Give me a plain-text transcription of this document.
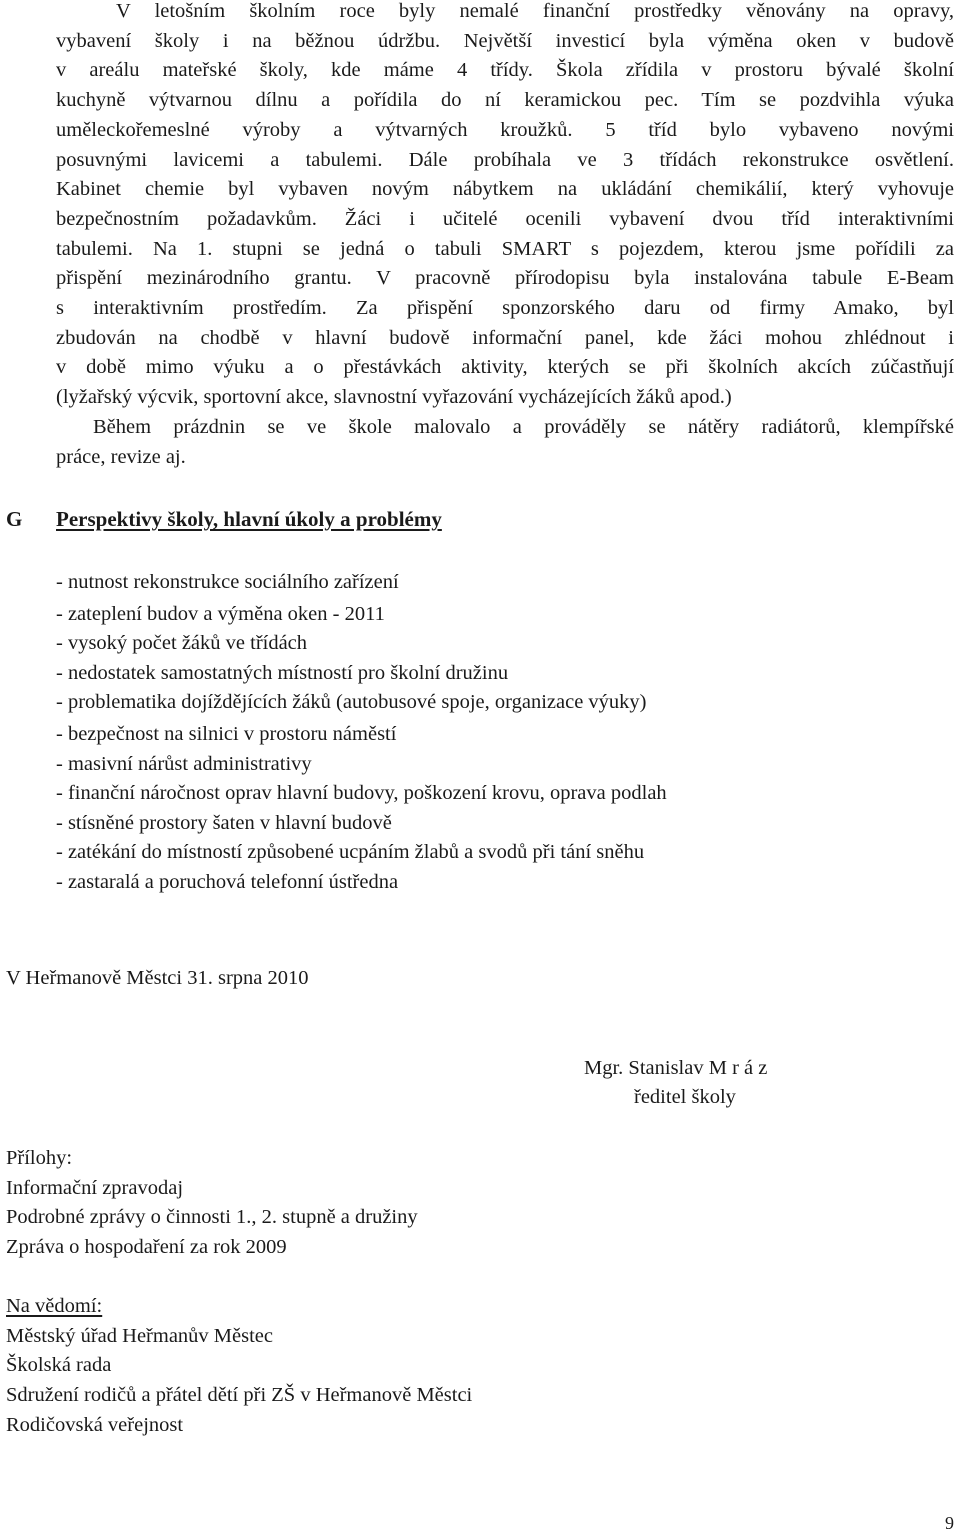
V letošním školním roce byly nemalé finanční prostředky věnovány na opravy,
vybavení školy i na běžnou údržbu. Největší investicí byla výměna oken v budově
v areálu mateřské školy, kde máme 4 třídy. Škola zřídila v prostoru bývalé školní
kuchyně výtvarnou dílnu a pořídila do ní keramickou pec. Tím se pozdvihla výuka
uměleckořemeslné výroby a výtvarných kroužků. 5 tříd bylo vybaveno novými
posuvnými lavicemi a tabulemi. Dále probíhala ve 3 třídách rekonstrukce osvětlení.
Kabinet chemie byl vybaven novým nábytkem na ukládání chemikálií, který vyhovuje
bezpečnostním požadavkům. Žáci i učitelé ocenili vybavení dvou tříd interaktivními
tabulemi. Na 1. stupni se jedná o tabuli SMART s pojezdem, kterou jsme pořídili za
přispění mezinárodního grantu. V pracovně přírodopisu byla instalována tabule E-Beam
s interaktivním prostředím. Za přispění sponzorského daru od firmy Amako, byl
zbudován na chodbě v hlavní budově informační panel, kde žáci mohou zhlédnout i
v době mimo výuku a o přestávkách aktivity, kterých se při školních akcích zúčastňují
(lyžařský výcvik, sportovní akce, slavnostní vyřazování vycházejících žáků apod.)
Během prázdnin se ve škole malovalo a prováděly se nátěry radiátorů, klempířské
práce, revize aj.
G Perspektivy školy, hlavní úkoly a problémy
- nutnost rekonstrukce sociálního zařízení
- zateplení budov a výměna oken - 2011
- vysoký počet žáků ve třídách
- nedostatek samostatných místností pro školní družinu
- problematika dojíždějících žáků (autobusové spoje, organizace výuky)
- bezpečnost na silnici v prostoru náměstí
- masivní nárůst administrativy
- finanční náročnost oprav hlavní budovy, poškození krovu, oprava podlah
- stísněné prostory šaten v hlavní budově
- zatékání do místností způsobené ucpáním žlabů a svodů při tání sněhu
- zastaralá a poruchová telefonní ústředna
V Heřmanově Městci 31. srpna 2010
Mgr. Stanislav M r á z
ředitel školy
Přílohy:
Informační zpravodaj
Podrobné zprávy o činnosti 1., 2. stupně a družiny
Zpráva o hospodaření za rok 2009
Na vědomí:
Městský úřad Heřmanův Městec
Školská rada
Sdružení rodičů a přátel dětí při ZŠ v Heřmanově Městci
Rodičovská veřejnost
9
